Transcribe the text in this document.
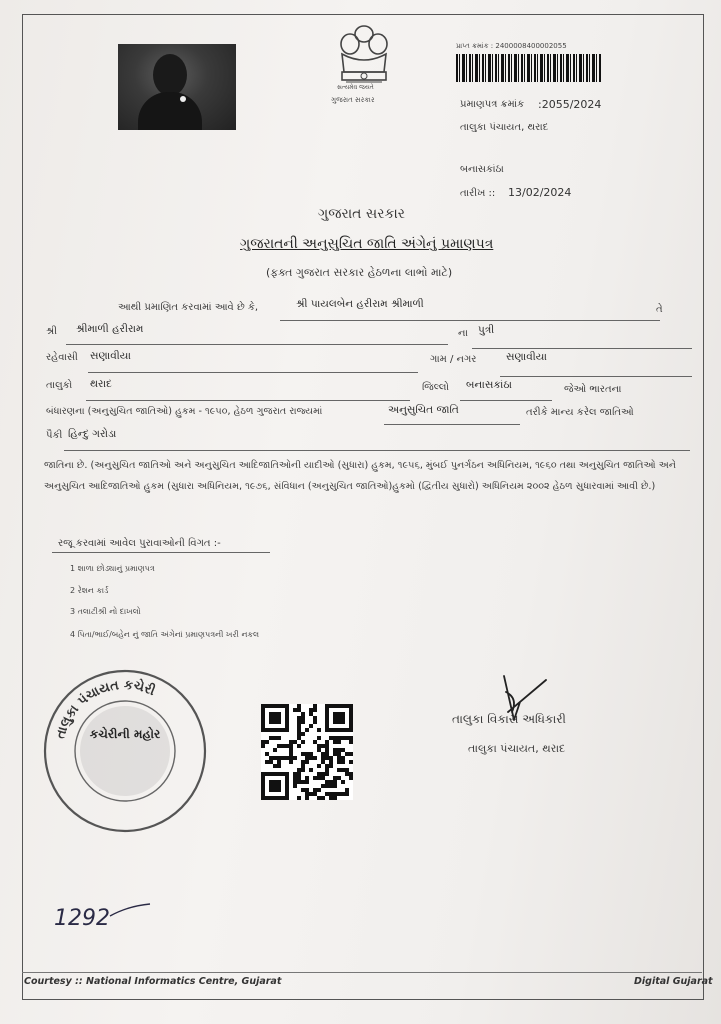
સત્યમેવ જયતે
ગુજરાત સરકાર
પ્રાપ્ત ક્રમાંક : 2400008400002055
પ્રમાણપત્ર ક્રમાંક :2055/2024
તાલુકા પંચાયત, થરાદ
બનાસકાંઠા
તારીખ :: 13/02/2024
ગુજરાત સરકાર
ગુજરાતની અનુસુચિત જાતિ અંગેનું પ્રમાણપત્ર
(ફક્ત ગુજરાત સરકાર હેઠળના લાભો માટે)
આથી પ્રમાણિત કરવામાં આવે છે કે,	શ્રી પાયલબેન હરીરામ શ્રીમાળી	તે
શ્રી શ્રીમાળી હરીરામ	ના પુત્રી
રહેવાસી સણાવીયા	ગામ / નગર	સણાવીયા
તાલુકો થરાદ	જિલ્લો બનાસકાંઠા	જેઓ ભારતના
બંધારણના (અનુસુચિત જાતિઓ) હુકમ - ૧૯૫૦, હેઠળ ગુજરાત રાજ્યમાં	અનુસુચિત જાતિ	તરીકે માન્ય કરેલ જાતિઓ
પૈકી હિન્દુ ગરોડા
જાતિના છે. (અનુસુચિત જાતિઓ અને અનુસુચિત આદિજાતિઓની યાદીઓ (સુધારા) હુકમ, ૧૯૫૬, મુંબઈ પુનર્ગઠન અધિનિયમ, ૧૯૬૦ તથા અનુસુચિત જાતિઓ અને અનુસુચિત આદિજાતિઓ હુકમ (સુધારા અધિનિયમ, ૧૯૭૬, સંવિધાન (અનુસુચિત જાતિઓ)હુકમો (દ્વિતીય સુધારો) અધિનિયમ ૨૦૦૨ હેઠળ સુધારવામાં આવી છે.)
રજૂ કરવામાં આવેલ પુરાવાઓની વિગત :-
1 શાળા છોડ્યાનું પ્રમાણપત્ર
2 રેશન કાર્ડ
3 તલાટીશ્રી નો દાખલો
4 પિતા/ભાઈ/બહેન નું જાતિ અંગેનાં પ્રમાણપત્રની ખરી નકલ
તાલુકા પંચાયત કચેરી
કચેરીની મહોર
તાલુકા વિકાસ અધિકારી
તાલુકા પંચાયત, થરાદ
1292
Courtesy :: National Informatics Centre, Gujarat	Digital Gujarat
